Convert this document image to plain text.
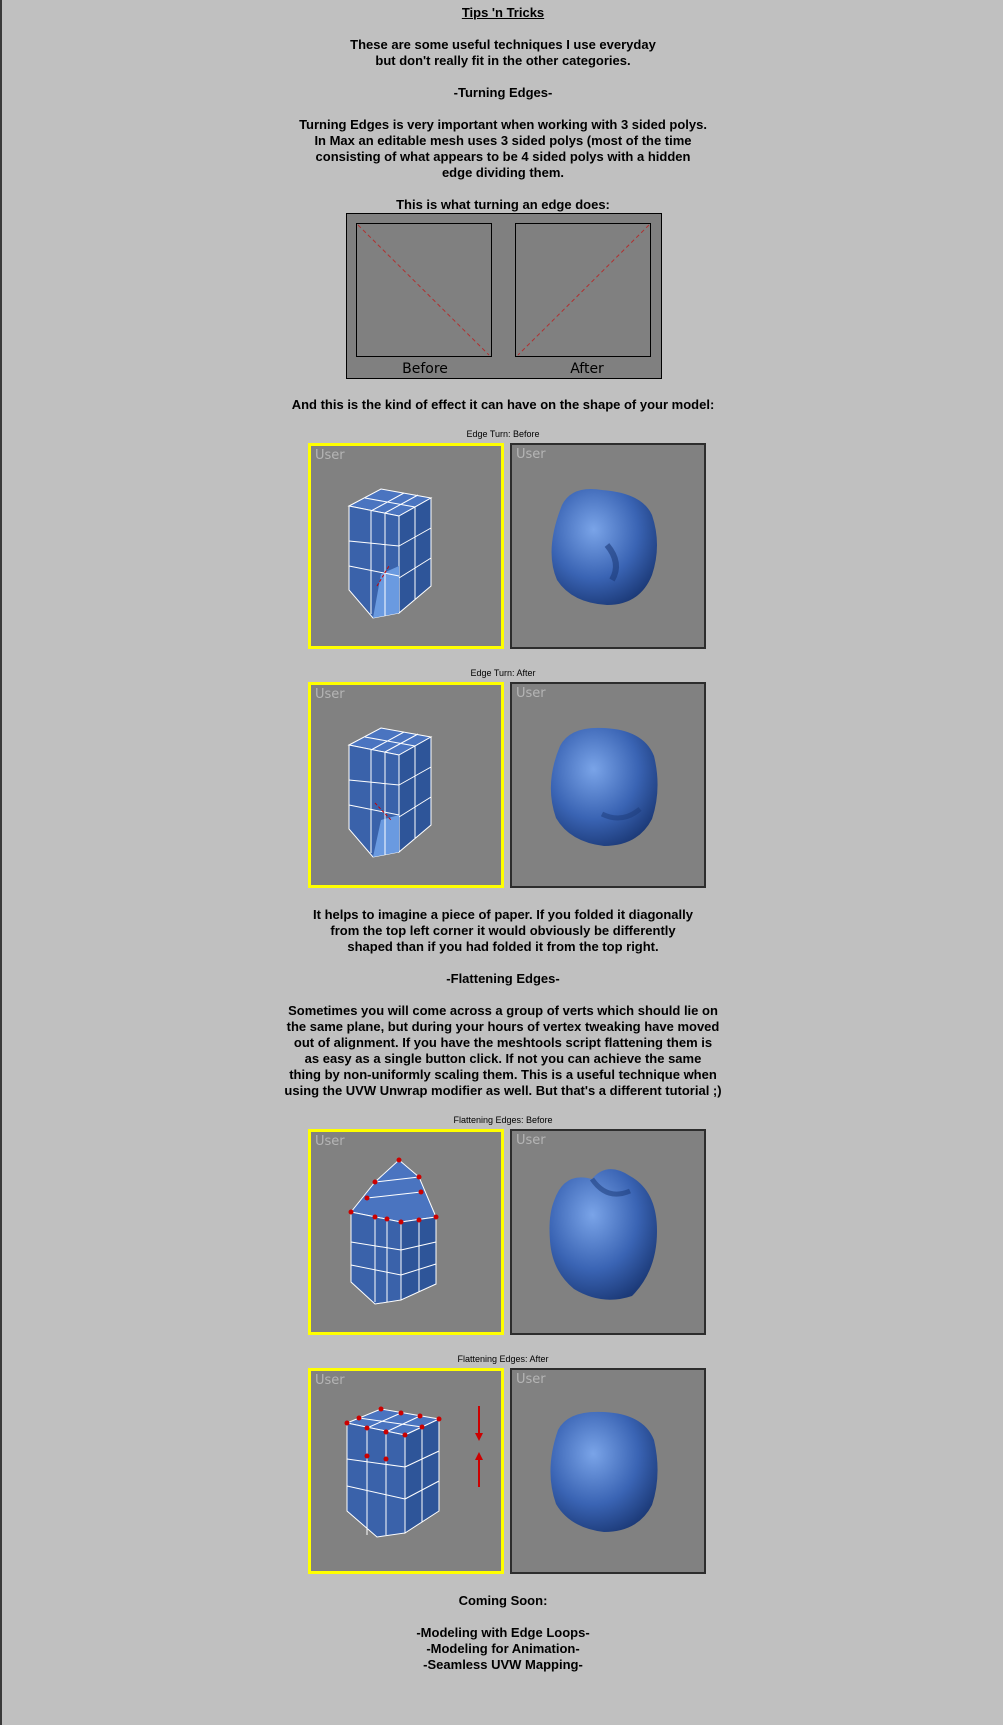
Tips 'n Tricks
These are some useful techniques I use everyday
but don't really fit in the other categories.
-Turning Edges-
Turning Edges is very important when working with 3 sided polys.
In Max an editable mesh uses 3 sided polys (most of the time
consisting of what appears to be 4 sided polys with a hidden
edge dividing them.
This is what turning an edge does:
Before	After
And this is the kind of effect it can have on the shape of your model:
Edge Turn: Before
User	User
Edge Turn: After
User	User
It helps to imagine a piece of paper. If you folded it diagonally
from the top left corner it would obviously be differently
shaped than if you had folded it from the top right.
-Flattening Edges-
Sometimes you will come across a group of verts which should lie on
the same plane, but during your hours of vertex tweaking have moved
out of alignment. If you have the meshtools script flattening them is
as easy as a single button click. If not you can achieve the same
thing by non-uniformly scaling them. This is a useful technique when
using the UVW Unwrap modifier as well. But that's a different tutorial ;)
Flattening Edges: Before
User	User
Flattening Edges: After
User	User
Coming Soon:
-Modeling with Edge Loops-
-Modeling for Animation-
-Seamless UVW Mapping-
